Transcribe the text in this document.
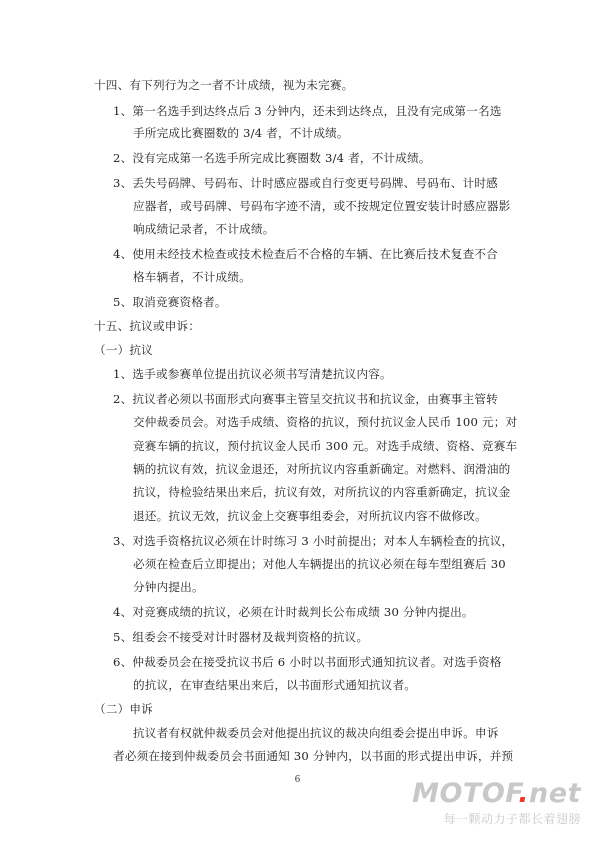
十四、有下列行为之一者不计成绩，视为未完赛。
1、第一名选手到达终点后 3 分钟内，还未到达终点，且没有完成第一名选
手所完成比赛圈数的 3/4 者，不计成绩。
2、没有完成第一名选手所完成比赛圈数 3/4 者，不计成绩。
3、丢失号码牌、号码布、计时感应器或自行变更号码牌、号码布、计时感
应器者，或号码牌、号码布字迹不清，或不按规定位置安装计时感应器影
响成绩记录者，不计成绩。
4、使用未经技术检查或技术检查后不合格的车辆、在比赛后技术复查不合
格车辆者，不计成绩。
5、取消竞赛资格者。
十五、抗议或申诉：
（一）抗议
1、选手或参赛单位提出抗议必须书写清楚抗议内容。
2、抗议者必须以书面形式向赛事主管呈交抗议书和抗议金，由赛事主管转
交仲裁委员会。对选手成绩、资格的抗议，预付抗议金人民币 100 元；对
竞赛车辆的抗议，预付抗议金人民币 300 元。对选手成绩、资格、竞赛车
辆的抗议有效，抗议金退还，对所抗议内容重新确定。对燃料、润滑油的
抗议，待检验结果出来后，抗议有效，对所抗议的内容重新确定，抗议金
退还。抗议无效，抗议金上交赛事组委会，对所抗议内容不做修改。
3、对选手资格抗议必须在计时练习 3 小时前提出；对本人车辆检查的抗议，
必须在检查后立即提出；对他人车辆提出的抗议必须在每车型组赛后 30
分钟内提出。
4、对竞赛成绩的抗议，必须在计时裁判长公布成绩 30 分钟内提出。
5、组委会不接受对计时器材及裁判资格的抗议。
6、仲裁委员会在接受抗议书后 6 小时以书面形式通知抗议者。对选手资格
的抗议，在审查结果出来后，以书面形式通知抗议者。
（二）申诉
抗议者有权就仲裁委员会对他提出抗议的裁决向组委会提出申诉。申诉
者必须在接到仲裁委员会书面通知 30 分钟内，以书面的形式提出申诉，并预
6	MOTOF.net
每一颗动力子都长着翅膀
